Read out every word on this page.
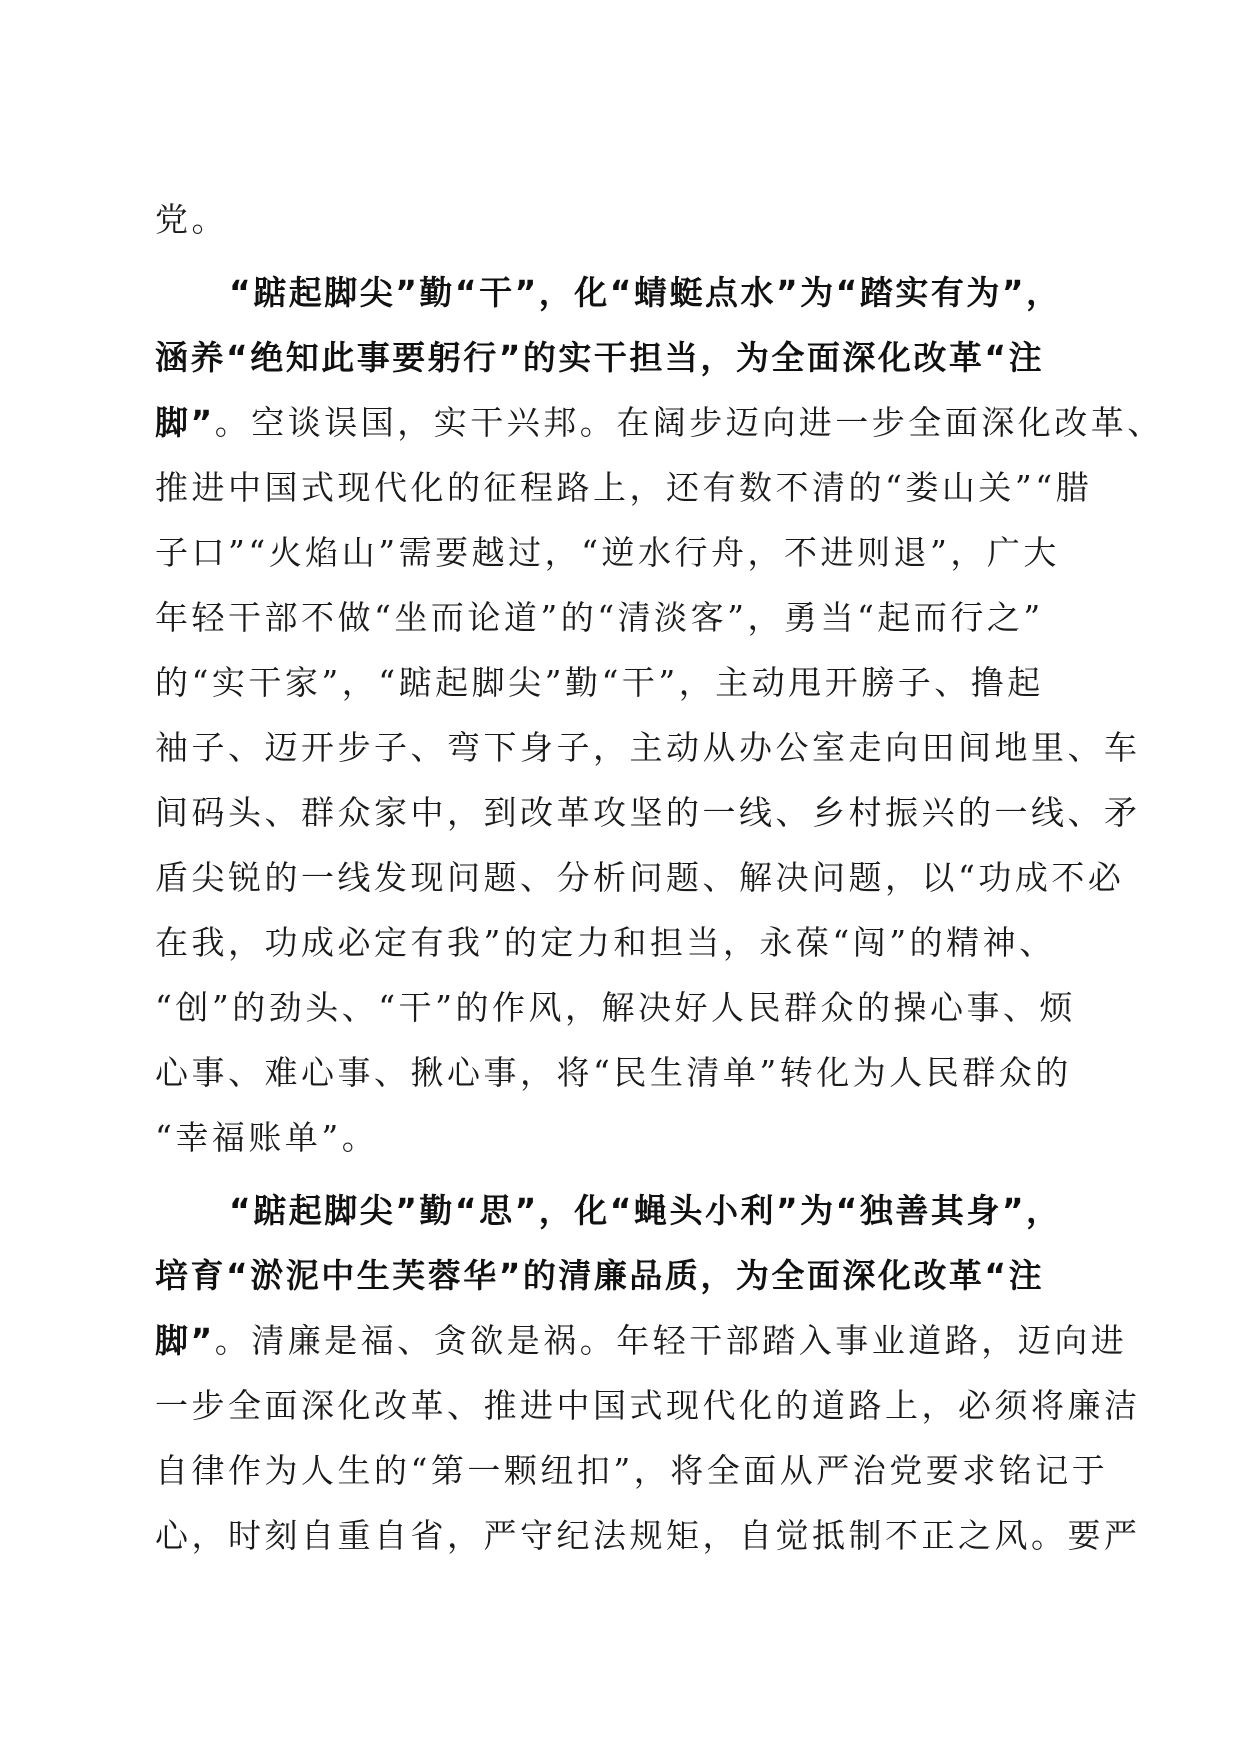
党。
“踮起脚尖”勤“干”，化“蜻蜓点水”为“踏实有为”，
涵养“绝知此事要躬行”的实干担当，为全面深化改革“注
脚”。空谈误国，实干兴邦。在阔步迈向进一步全面深化改革、
推进中国式现代化的征程路上，还有数不清的“娄山关”“腊
子口”“火焰山”需要越过，“逆水行舟，不进则退”，广大
年轻干部不做“坐而论道”的“清淡客”，勇当“起而行之”
的“实干家”，“踮起脚尖”勤“干”，主动甩开膀子、撸起
袖子、迈开步子、弯下身子，主动从办公室走向田间地里、车
间码头、群众家中，到改革攻坚的一线、乡村振兴的一线、矛
盾尖锐的一线发现问题、分析问题、解决问题，以“功成不必
在我，功成必定有我”的定力和担当，永葆“闯”的精神、
“创”的劲头、“干”的作风，解决好人民群众的操心事、烦
心事、难心事、揪心事，将“民生清单”转化为人民群众的
“幸福账单”。
“踮起脚尖”勤“思”，化“蝇头小利”为“独善其身”，
培育“淤泥中生芙蓉华”的清廉品质，为全面深化改革“注
脚”。清廉是福、贪欲是祸。年轻干部踏入事业道路，迈向进
一步全面深化改革、推进中国式现代化的道路上，必须将廉洁
自律作为人生的“第一颗纽扣”，将全面从严治党要求铭记于
心，时刻自重自省，严守纪法规矩，自觉抵制不正之风。要严
